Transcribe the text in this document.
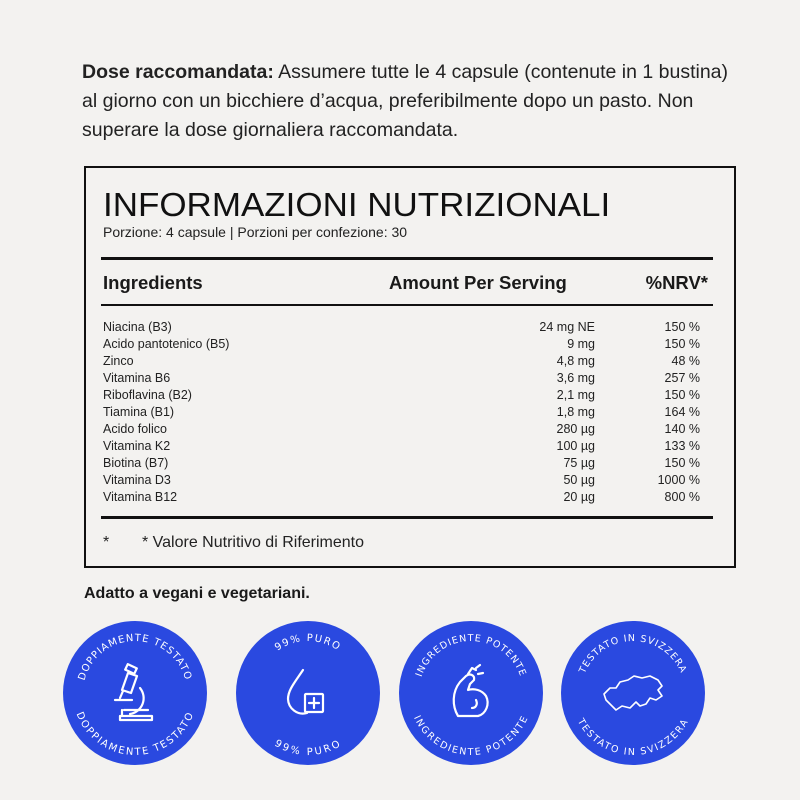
Dose raccomandata: Assumere tutte le 4 capsule (contenute in 1 bustina) al giorno con un bicchiere d’acqua, preferibilmente dopo un pasto. Non superare la dose giornaliera raccomandata.
INFORMAZIONI NUTRIZIONALI
Porzione: 4 capsule | Porzioni per confezione: 30
Ingredients	Amount Per Serving	%NRV*
Niacina (B3)	24 mg NE	150 %
Acido pantotenico (B5)	9 mg	150 %
Zinco	4,8 mg	48 %
Vitamina B6	3,6 mg	257 %
Riboflavina (B2)	2,1 mg	150 %
Tiamina (B1)	1,8 mg	164 %
Acido folico	280 µg	140 %
Vitamina K2	100 µg	133 %
Biotina (B7)	75 µg	150 %
Vitamina D3	50 µg	1000 %
Vitamina B12	20 µg	800 %
* * Valore Nutritivo di Riferimento
Adatto a vegani e vegetariani.
DOPPIAMENTE TESTATO
DOPPIAMENTE TESTATO
99% PURO
99% PURO
INGREDIENTE POTENTE
INGREDIENTE POTENTE
TESTATO IN SVIZZERA
TESTATO IN SVIZZERA
